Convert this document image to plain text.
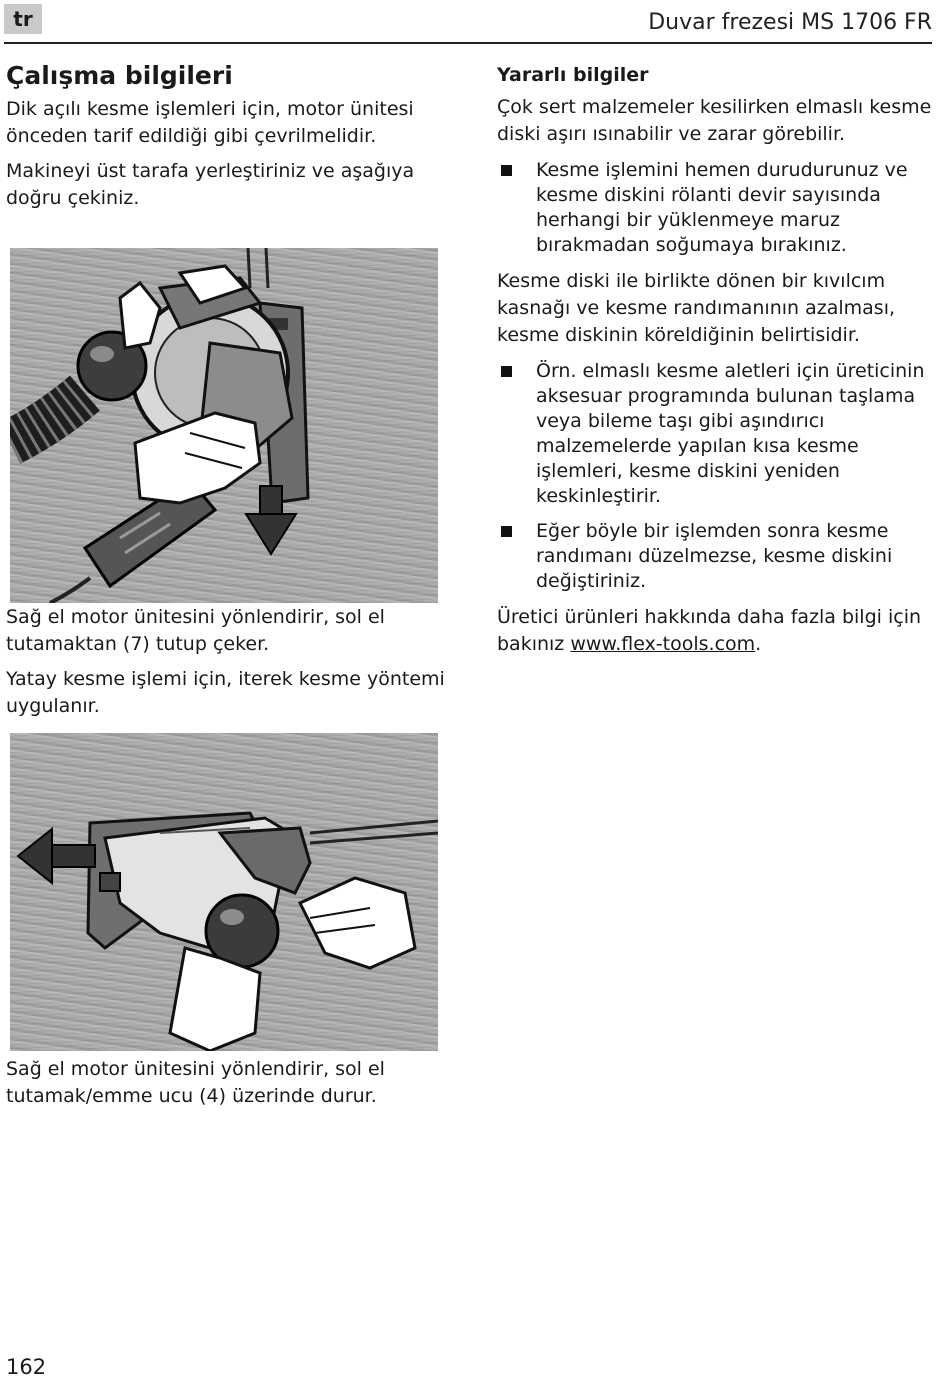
tr	Duvar frezesi MS 1706 FR
Çalışma bilgileri

Dik açılı kesme işlemleri için, motor ünitesi önceden tarif edildiği gibi çevrilmelidir.

Makineyi üst tarafa yerleştiriniz ve aşağıya doğru çekiniz.

Sağ el motor ünitesini yönlendirir, sol el tutamaktan (7) tutup çeker.

Yatay kesme işlemi için, iterek kesme yöntemi uygulanır.

Sağ el motor ünitesini yönlendirir, sol el tutamak/emme ucu (4) üzerinde durur.

Yararlı bilgiler

Çok sert malzemeler kesilirken elmaslı kesme diski aşırı ısınabilir ve zarar görebilir.

Kesme işlemini hemen durudurunuz ve kesme diskini rölanti devir sayısında herhangi bir yüklenmeye maruz bırakmadan soğumaya bırakınız.

Kesme diski ile birlikte dönen bir kıvılcım kasnağı ve kesme randımanının azalması, kesme diskinin köreldiğinin belirtisidir.

Örn. elmaslı kesme aletleri için üreticinin aksesuar programında bulunan taşlama veya bileme taşı gibi aşındırıcı malzemelerde yapılan kısa kesme işlemleri, kesme diskini yeniden keskinleştirir.
Eğer böyle bir işlemden sonra kesme randımanı düzelmezse, kesme diskini değiştiriniz.

Üretici ürünleri hakkında daha fazla bilgi için bakınız www.flex-tools.com.

162
